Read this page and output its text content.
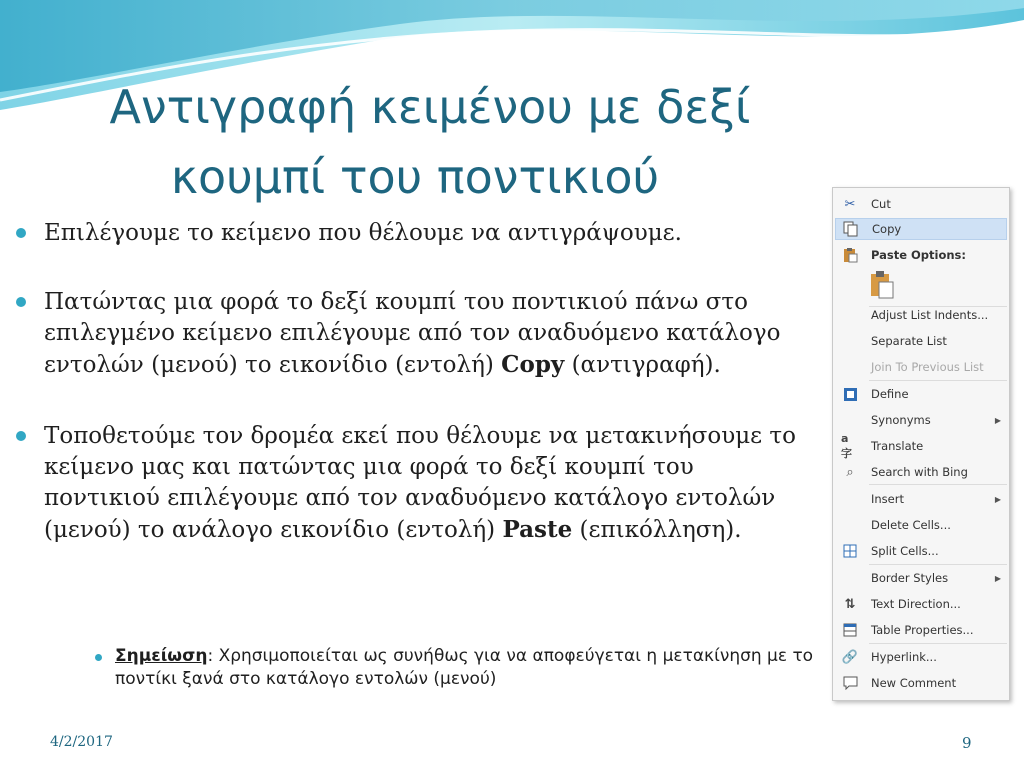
Αντιγραφή κειμένου με δεξί
κουμπί του ποντικιού
Επιλέγουμε το κείμενο που θέλουμε να αντιγράψουμε.
Πατώντας μια φορά το δεξί κουμπί του ποντικιού πάνω στο επιλεγμένο κείμενο επιλέγουμε από τον αναδυόμενο κατάλογο εντολών (μενού) το εικονίδιο (εντολή) Copy (αντιγραφή).
Τοποθετούμε τον δρομέα εκεί που θέλουμε να μετακινήσουμε το κείμενο μας και πατώντας μια φορά το δεξί κουμπί του ποντικιού επιλέγουμε από τον αναδυόμενο κατάλογο εντολών (μενού) το ανάλογο εικονίδιο (εντολή) Paste (επικόλληση).
Σημείωση: Χρησιμοποιείται ως συνήθως για να αποφεύγεται η μετακίνηση με το ποντίκι ξανά στο κατάλογο εντολών (μενού)
4/2/2017	9
✂	Cut
Copy
Paste Options:
Adjust List Indents...
Separate List
Join To Previous List
Define
Synonyms	▶
a字	Translate
⌕	Search with Bing
Insert	▶
Delete Cells...
Split Cells...
Border Styles	▶
⇅	Text Direction...
Table Properties...
🔗 Hyperlink...
New Comment
